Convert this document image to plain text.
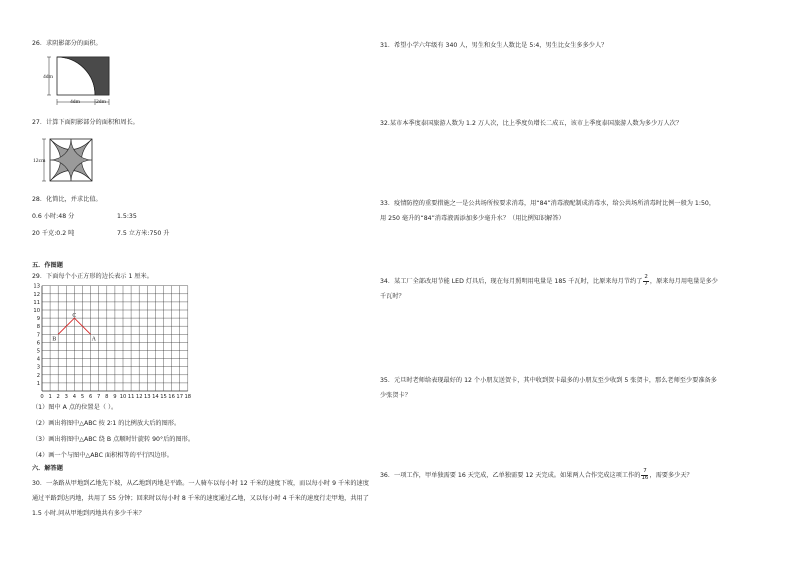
26．求阴影部分的面积。
4dm
4dm	2dm
27．计算下面阴影部分的面积和周长。
12cm
28．化简比，并求比值。
0.6 小时:48 分	1.5:35
20 千克:0.2 吨	7.5 立方米:750 升
五．作图题
29．下面每个小正方形的边长表示 1 厘米。
0 1 2 3 4 5 6 7 8 9 10 11 12 13 14 15 16 17 18
13
12
11
10
9
8
7
6
5
4
3
2
1
B
C
A
（1）图中 A 点的位置是（ ）。
（2）画出将图中△ABC 按 2∶1 的比例放大后的图形。
（3）画出将图中△ABC 绕 B 点顺时针旋转 90°后的图形。
（4）画一个与图中△ABC 面积相等的平行四边形。
六．解答题
30．一条路从甲地到乙地先下坡，从乙地到丙地是平路。一人骑车以每小时 12 千米的速度下坡，而以每小时 9 千米的速度通过平路到达丙地，共用了 55 分钟；回来时以每小时 8 千米的速度通过乙地，又以每小时 4 千米的速度行走甲地，共用了 1.5 小时.问从甲地到丙地共有多少千米？
31．希望小学六年级有 340 人，男生和女生人数比是 5:4，男生比女生多多少人？
32.某市本季度泰国旅游人数为 1.2 万人次，比上季度负增长二成五，该市上季度泰国旅游人数为多少万人次？
33．疫情防控的重要措施之一是公共场所按要求消毒，用“84”消毒液配制成消毒水，给公共场所消毒时比例一般为 1:50，用 250 毫升的“84”消毒液需添加多少毫升水？（用比例知识解答）
34．某工厂全部改用节能 LED 灯具后，现在每月照明用电量是 185 千瓦时，比原来每月节约了 $\frac{2}{7}$ ，原来每月用电量是多少千瓦时？
35．元旦时老师给表现最好的 12 个小朋友送贺卡，其中收到贺卡最多的小朋友至少收到 5 张贺卡，那么老师至少要准备多少张贺卡？
36．一项工作，甲单独需要 16 天完成，乙单独需要 12 天完成。如果两人合作完成这项工作的 $\frac{7}{16}$ ，需要多少天？
